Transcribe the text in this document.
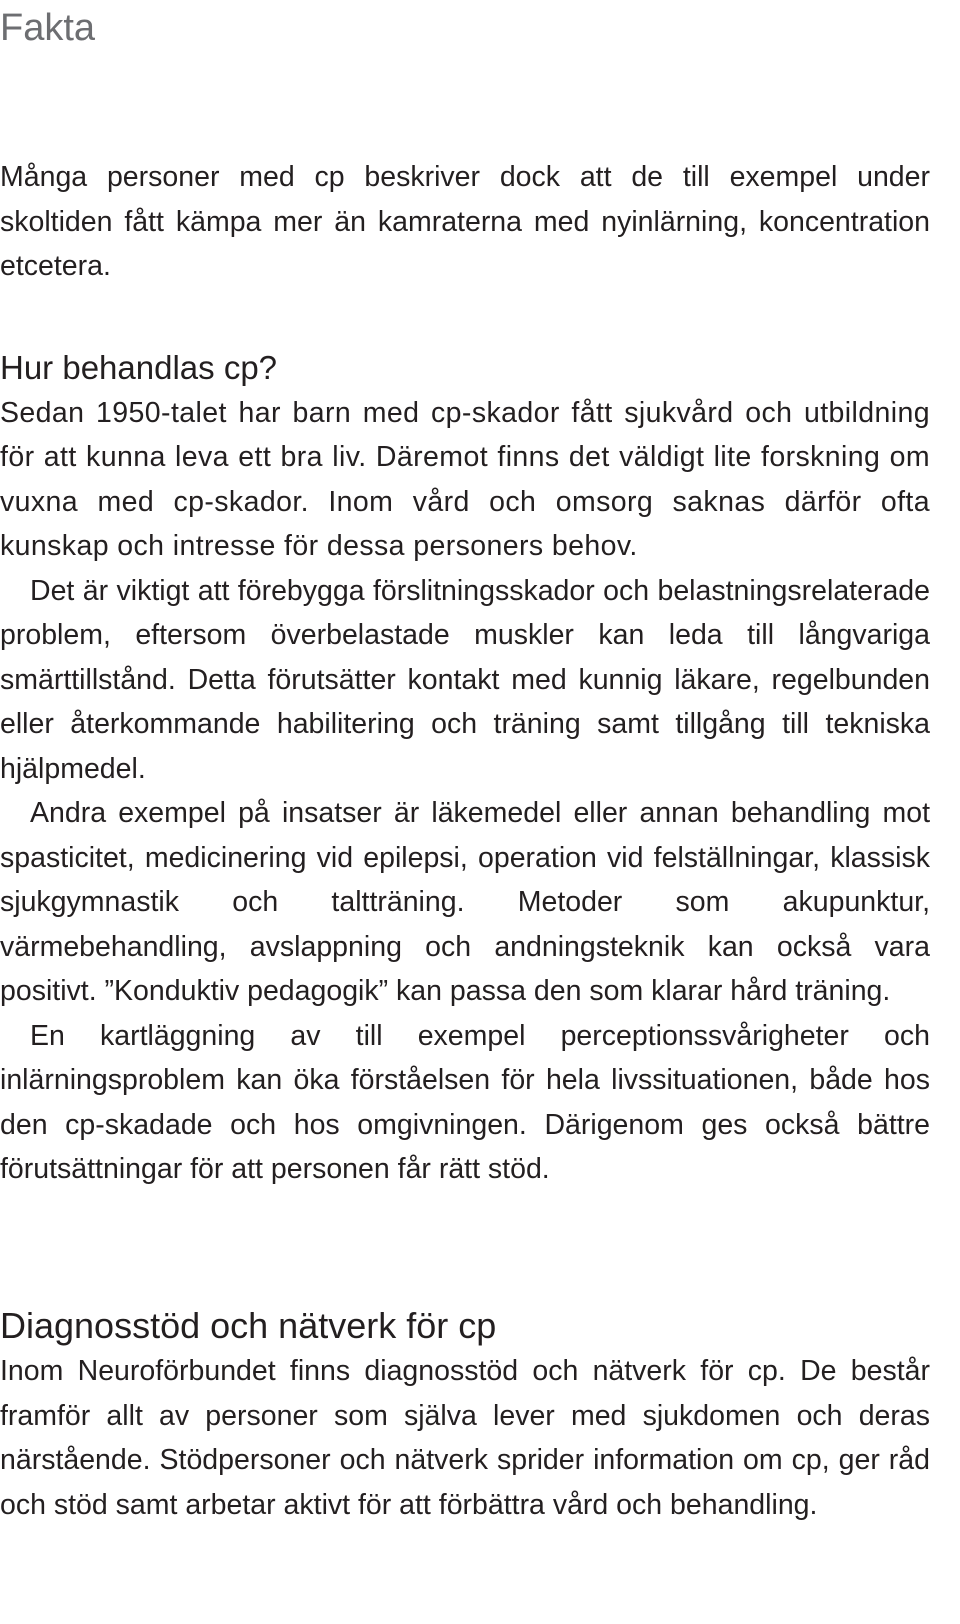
Fakta

Många personer med cp beskriver dock att de till exempel under skoltiden fått kämpa mer än kamraterna med nyinlärning, koncentration etcetera.

Hur behandlas cp?

Sedan 1950-talet har barn med cp-skador fått sjukvård och utbildning för att kunna leva ett bra liv. Däremot finns det väldigt lite forskning om vuxna med cp-skador. Inom vård och omsorg saknas därför ofta kunskap och intresse för dessa personers behov.

Det är viktigt att förebygga förslitningsskador och belastningsrelaterade problem, eftersom överbelastade muskler kan leda till långvariga smärttillstånd. Detta förutsätter kontakt med kunnig läkare, regelbunden eller återkommande habilitering och träning samt tillgång till tekniska hjälpmedel.

Andra exempel på insatser är läkemedel eller annan behandling mot spasticitet, medicinering vid epilepsi, operation vid felställningar, klassisk sjukgymnastik och taltträning. Metoder som akupunktur, värmebehandling, avslappning och andningsteknik kan också vara positivt. ”Konduktiv pedagogik” kan passa den som klarar hård träning.

En kartläggning av till exempel perceptionssvårigheter och inlärningsproblem kan öka förståelsen för hela livssituationen, både hos den cp-skadade och hos omgivningen. Därigenom ges också bättre förutsättningar för att personen får rätt stöd.

Diagnosstöd och nätverk för cp

Inom Neuroförbundet finns diagnosstöd och nätverk för cp. De består framför allt av personer som själva lever med sjukdomen och deras närstående. Stödpersoner och nätverk sprider information om cp, ger råd och stöd samt arbetar aktivt för att förbättra vård och behandling.
